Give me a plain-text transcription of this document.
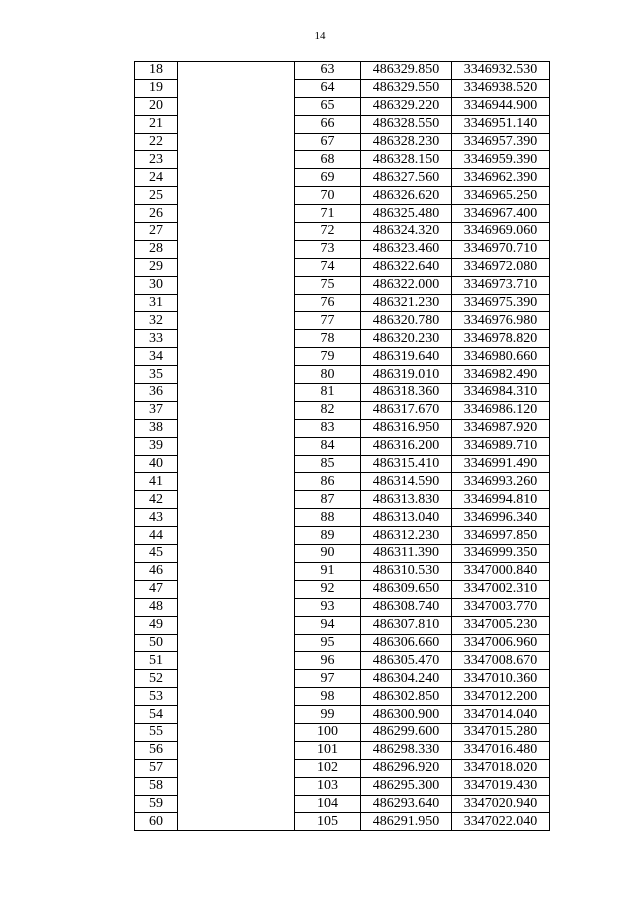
14
18		63	486329.850	3346932.530
19		64	486329.550	3346938.520
20		65	486329.220	3346944.900
21		66	486328.550	3346951.140
22		67	486328.230	3346957.390
23		68	486328.150	3346959.390
24		69	486327.560	3346962.390
25		70	486326.620	3346965.250
26		71	486325.480	3346967.400
27		72	486324.320	3346969.060
28		73	486323.460	3346970.710
29		74	486322.640	3346972.080
30		75	486322.000	3346973.710
31		76	486321.230	3346975.390
32		77	486320.780	3346976.980
33		78	486320.230	3346978.820
34		79	486319.640	3346980.660
35		80	486319.010	3346982.490
36		81	486318.360	3346984.310
37		82	486317.670	3346986.120
38		83	486316.950	3346987.920
39		84	486316.200	3346989.710
40		85	486315.410	3346991.490
41		86	486314.590	3346993.260
42		87	486313.830	3346994.810
43		88	486313.040	3346996.340
44		89	486312.230	3346997.850
45		90	486311.390	3346999.350
46		91	486310.530	3347000.840
47		92	486309.650	3347002.310
48		93	486308.740	3347003.770
49		94	486307.810	3347005.230
50		95	486306.660	3347006.960
51		96	486305.470	3347008.670
52		97	486304.240	3347010.360
53		98	486302.850	3347012.200
54		99	486300.900	3347014.040
55		100	486299.600	3347015.280
56		101	486298.330	3347016.480
57		102	486296.920	3347018.020
58		103	486295.300	3347019.430
59		104	486293.640	3347020.940
60		105	486291.950	3347022.040
